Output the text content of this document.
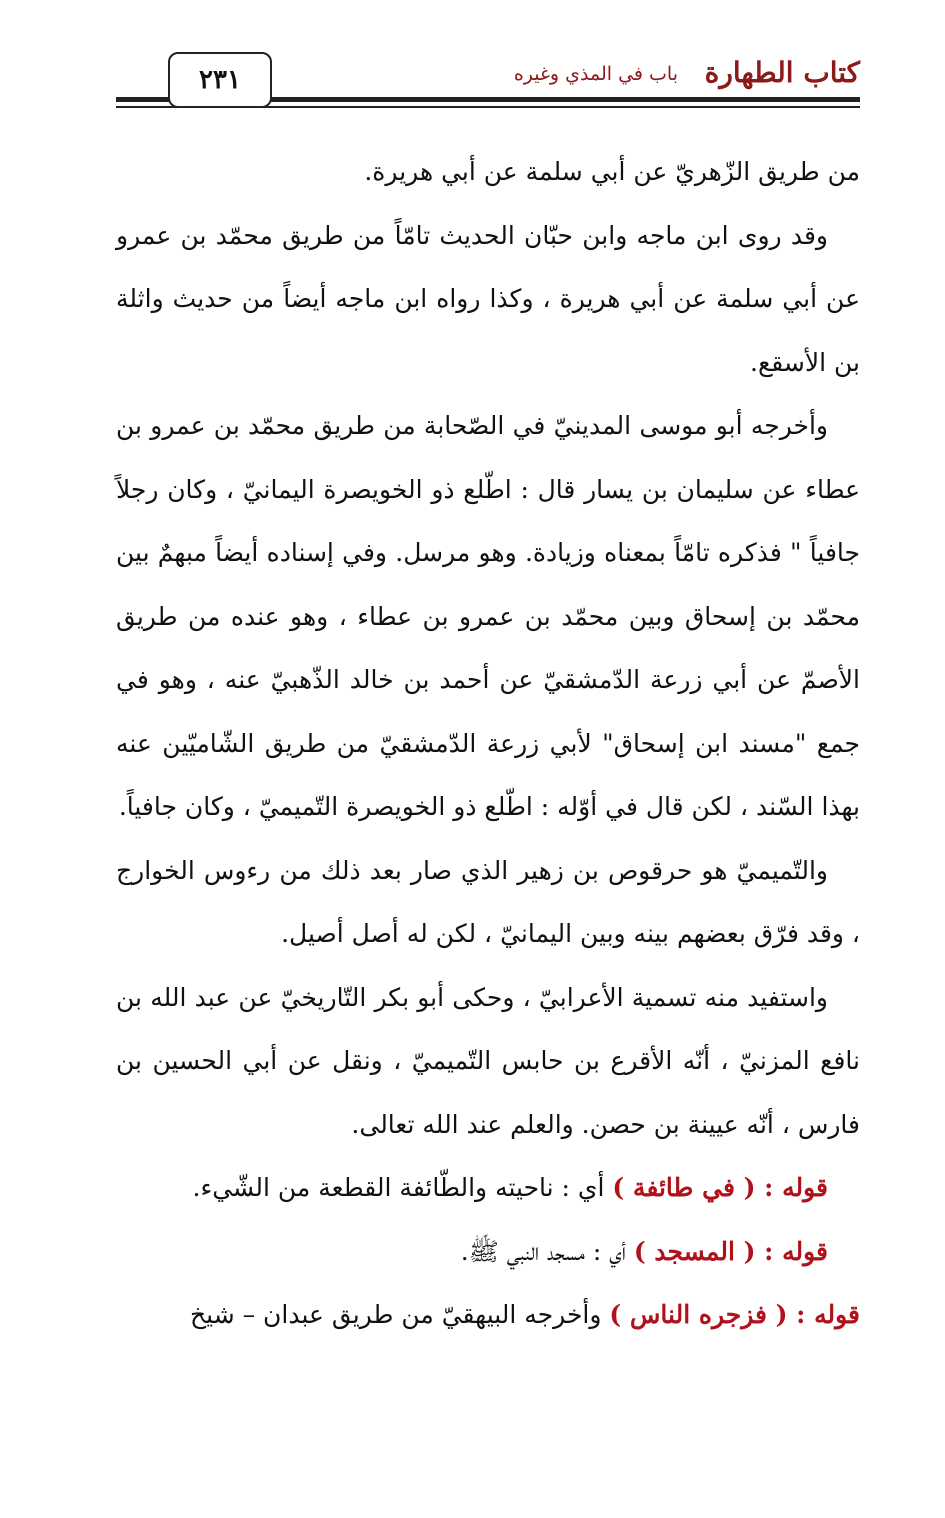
كتاب الطهارة
باب في المذي وغيره
٢٣١

من طريق الزّهريّ عن أبي سلمة عن أبي هريرة.

وقد روى ابن ماجه وابن حبّان الحديث تامّاً من طريق محمّد بن عمرو عن أبي سلمة عن أبي هريرة ، وكذا رواه ابن ماجه أيضاً من حديث واثلة بن الأسقع.

وأخرجه أبو موسى المدينيّ في الصّحابة من طريق محمّد بن عمرو بن عطاء عن سليمان بن يسار قال : اطّلع ذو الخويصرة اليمانيّ ، وكان رجلاً جافياً " فذكره تامّاً بمعناه وزيادة. وهو مرسل. وفي إسناده أيضاً مبهمٌ بين محمّد بن إسحاق وبين محمّد بن عمرو بن عطاء ، وهو عنده من طريق الأصمّ عن أبي زرعة الدّمشقيّ عن أحمد بن خالد الذّهبيّ عنه ، وهو في جمع "مسند ابن إسحاق" لأبي زرعة الدّمشقيّ من طريق الشّاميّين عنه بهذا السّند ، لكن قال في أوّله : اطّلع ذو الخويصرة التّميميّ ، وكان جافياً.

والتّميميّ هو حرقوص بن زهير الذي صار بعد ذلك من رءوس الخوارج ، وقد فرّق بعضهم بينه وبين اليمانيّ ، لكن له أصل أصيل.

واستفيد منه تسمية الأعرابيّ ، وحكى أبو بكر التّاريخيّ عن عبد الله بن نافع المزنيّ ، أنّه الأقرع بن حابس التّميميّ ، ونقل عن أبي الحسين بن فارس ، أنّه عيينة بن حصن. والعلم عند الله تعالى.

قوله : ( في طائفة ) أي : ناحيته والطّائفة القطعة من الشّيء.

قوله : ( المسجد ) أي : مسجد النبي ﷺ.

قوله : ( فزجره الناس ) وأخرجه البيهقيّ من طريق عبدان – شيخ
